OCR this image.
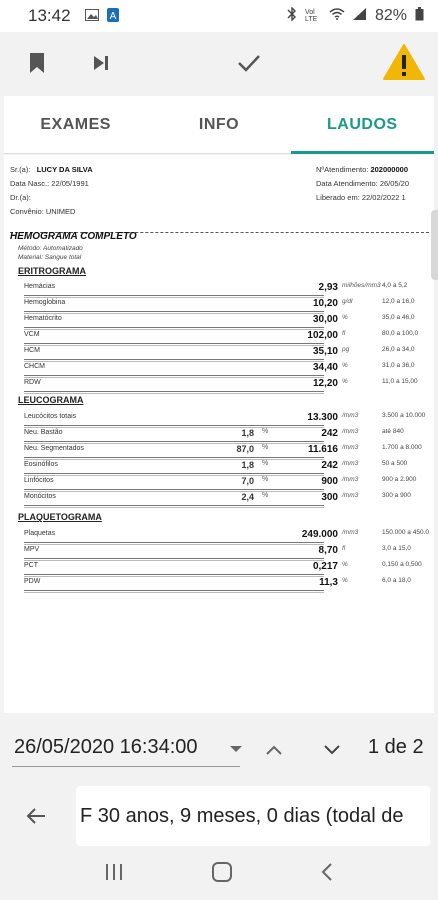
13:42	A	Vol LTE	82%
EXAMES	INFO	LAUDOS
Sr.(a): LUCY DA SILVA
Data Nasc.: 22/05/1991
Dr.(a):
Convênio: UNIMED
NºAtendimento: 202000000
Data Atendimento: 26/05/20
Liberado em: 22/02/2022 1
HEMOGRAMA COMPLETO
Método: Automatizado
Material: Sangue total
ERITROGRAMA
Hemácias	2,93 milhões/mm3 4,0 a 5,2
Hemoglobina	10,20 g/dl	12,0 a 16,0
Hematócrito	30,00 %	35,0 a 46,0
VCM	102,00 fl	80,0 a 100,0
HCM	35,10 pg	26,0 a 34,0
CHCM	34,40 %	31,0 a 36,0
RDW	12,20 %	11,0 a 15,00
LEUCOGRAMA
Leucócitos totais	13.300 /mm3	3.500 a 10.000
Neu. Bastão	1,8 %	242 /mm3	até 840
Neu. Segmentados	87,0 %	11.616 /mm3	1.700 a 8.000
Eosinófilos	1,8 %	242 /mm3	50 a 500
Linfócitos	7,0 %	900 /mm3	900 a 2.900
Monócitos	2,4 %	300 /mm3	300 a 900
PLAQUETOGRAMA
Plaquetas	249.000 /mm3	150.000 a 450.0
MPV	8,70 fl	3,0 a 15,0
PCT	0,217 %	0,150 a 0,500
PDW	11,3 %	6,0 a 18,0
26/05/2020 16:34:00	1 de 2
F 30 anos, 9 meses, 0 dias (todal de
